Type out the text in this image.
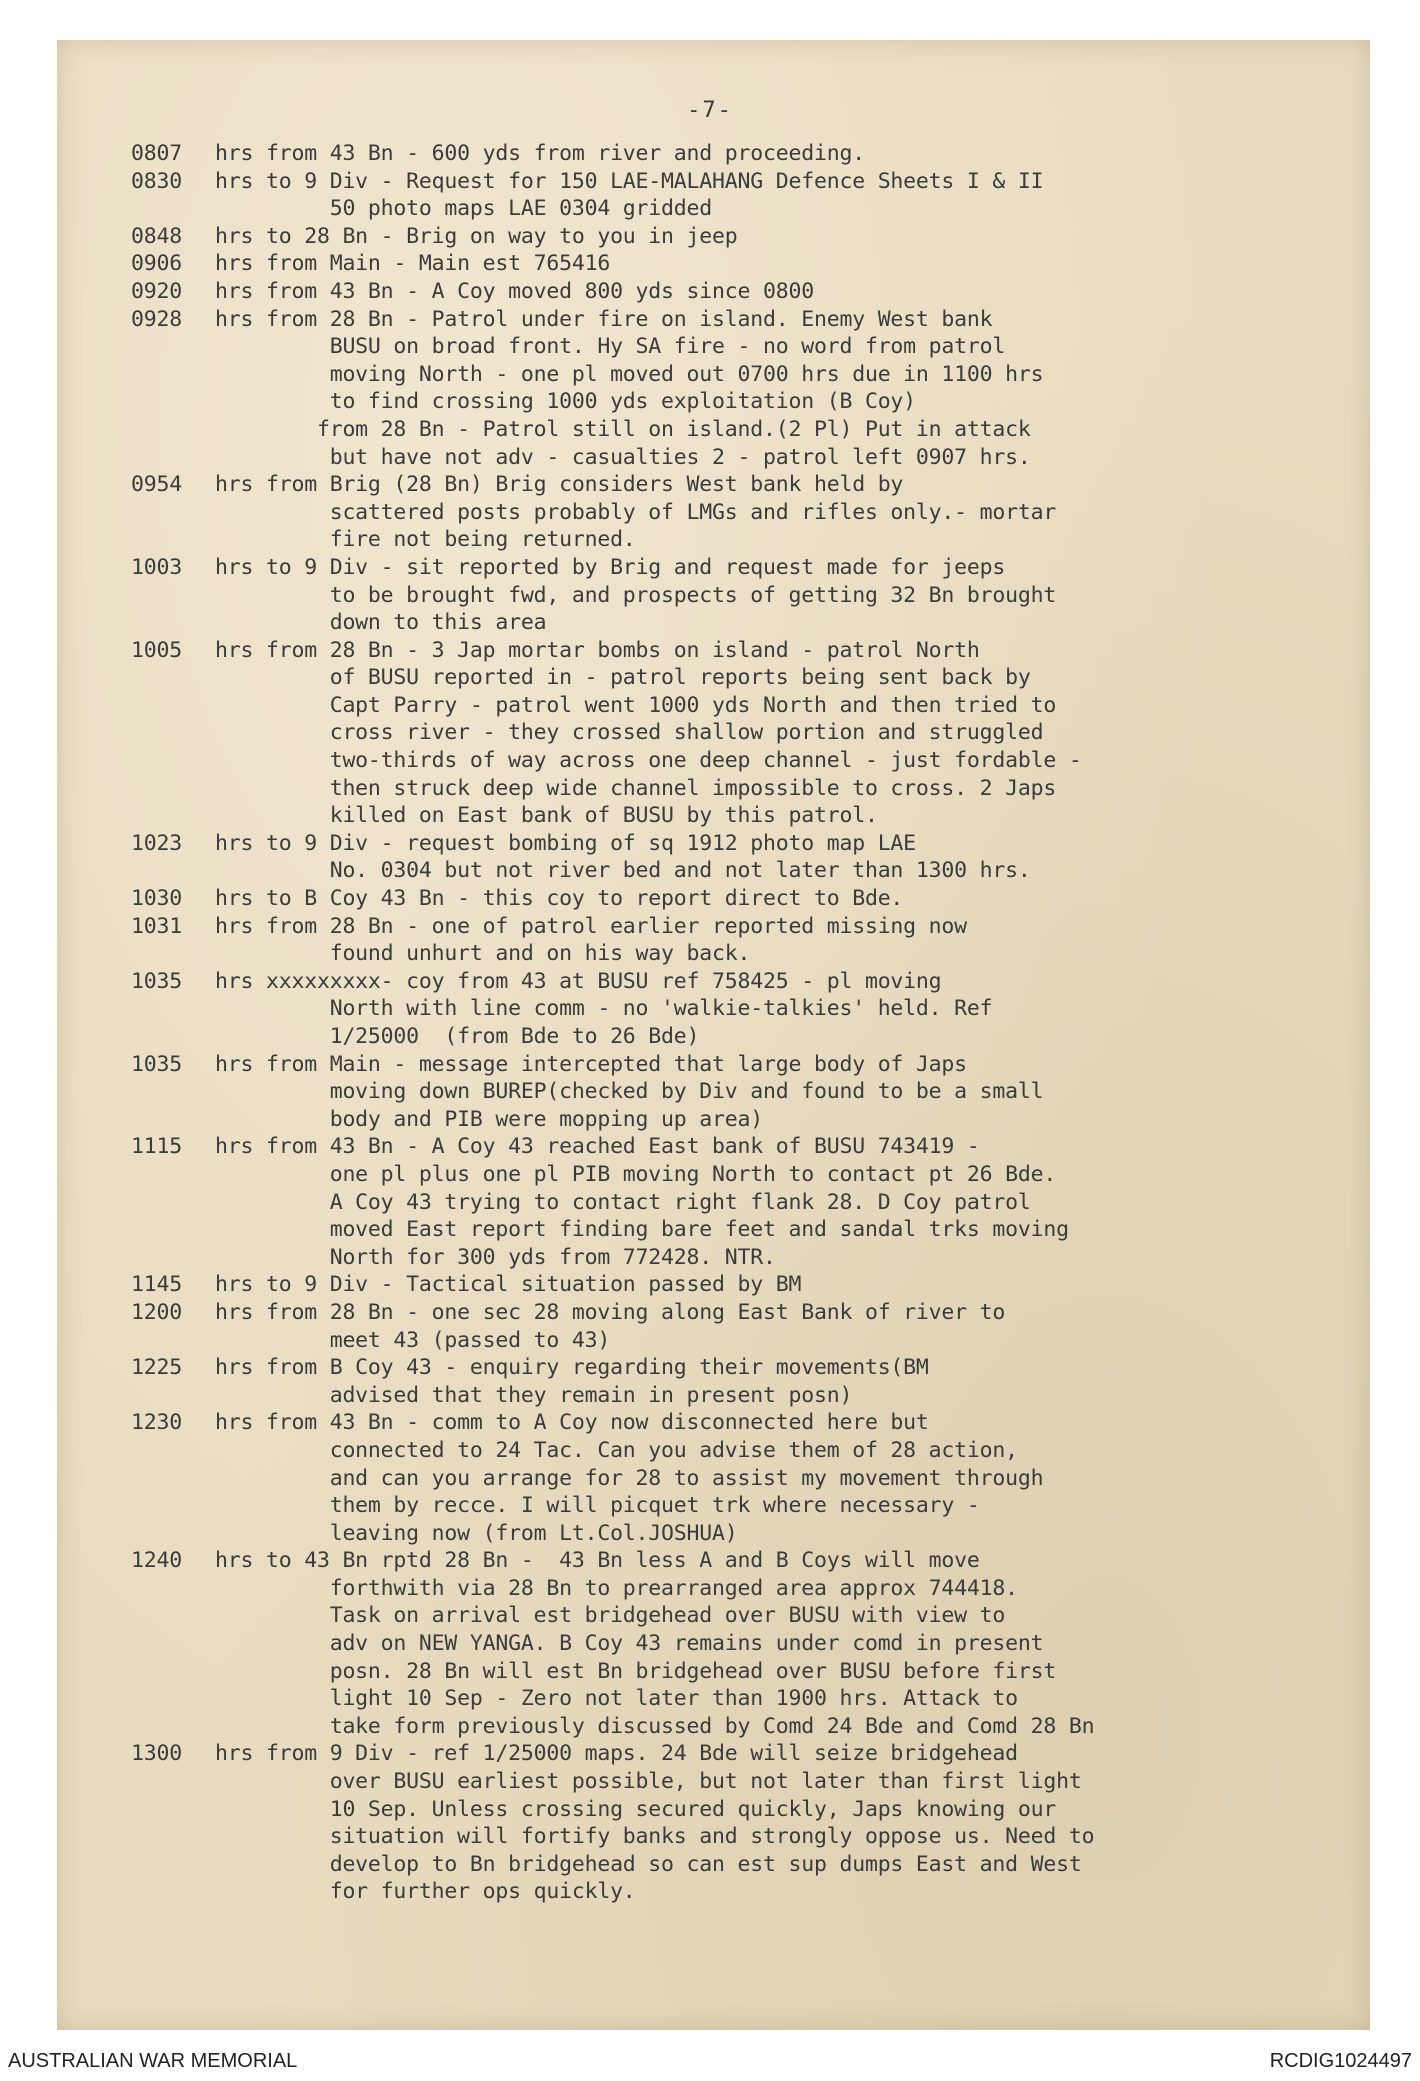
-7-
0807	hrs from 43 Bn - 600 yds from river and proceeding.
0830	hrs to 9 Div - Request for 150 LAE-MALAHANG Defence Sheets I & II
50 photo maps LAE 0304 gridded
0848	hrs to 28 Bn - Brig on way to you in jeep
0906	hrs from Main - Main est 765416
0920	hrs from 43 Bn - A Coy moved 800 yds since 0800
0928	hrs from 28 Bn - Patrol under fire on island. Enemy West bank
BUSU on broad front. Hy SA fire - no word from patrol
moving North - one pl moved out 0700 hrs due in 1100 hrs
to find crossing 1000 yds exploitation (B Coy)
from 28 Bn - Patrol still on island.(2 Pl) Put in attack
but have not adv - casualties 2 - patrol left 0907 hrs.
0954	hrs from Brig (28 Bn) Brig considers West bank held by
scattered posts probably of LMGs and rifles only.- mortar
fire not being returned.
1003	hrs to 9 Div - sit reported by Brig and request made for jeeps
to be brought fwd, and prospects of getting 32 Bn brought
down to this area
1005	hrs from 28 Bn - 3 Jap mortar bombs on island - patrol North
of BUSU reported in - patrol reports being sent back by
Capt Parry - patrol went 1000 yds North and then tried to
cross river - they crossed shallow portion and struggled
two-thirds of way across one deep channel - just fordable -
then struck deep wide channel impossible to cross. 2 Japs
killed on East bank of BUSU by this patrol.
1023	hrs to 9 Div - request bombing of sq 1912 photo map LAE
No. 0304 but not river bed and not later than 1300 hrs.
1030	hrs to B Coy 43 Bn - this coy to report direct to Bde.
1031	hrs from 28 Bn - one of patrol earlier reported missing now
found unhurt and on his way back.
1035	hrs xxxxxxxxx- coy from 43 at BUSU ref 758425 - pl moving
North with line comm - no 'walkie-talkies' held. Ref
1/25000  (from Bde to 26 Bde)
1035	hrs from Main - message intercepted that large body of Japs
moving down BUREP(checked by Div and found to be a small
body and PIB were mopping up area)
1115	hrs from 43 Bn - A Coy 43 reached East bank of BUSU 743419 -
one pl plus one pl PIB moving North to contact pt 26 Bde.
A Coy 43 trying to contact right flank 28. D Coy patrol
moved East report finding bare feet and sandal trks moving
North for 300 yds from 772428. NTR.
1145	hrs to 9 Div - Tactical situation passed by BM
1200	hrs from 28 Bn - one sec 28 moving along East Bank of river to
meet 43 (passed to 43)
1225	hrs from B Coy 43 - enquiry regarding their movements(BM
advised that they remain in present posn)
1230	hrs from 43 Bn - comm to A Coy now disconnected here but
connected to 24 Tac. Can you advise them of 28 action,
and can you arrange for 28 to assist my movement through
them by recce. I will picquet trk where necessary -
leaving now (from Lt.Col.JOSHUA)
1240	hrs to 43 Bn rptd 28 Bn -  43 Bn less A and B Coys will move
forthwith via 28 Bn to prearranged area approx 744418.
Task on arrival est bridgehead over BUSU with view to
adv on NEW YANGA. B Coy 43 remains under comd in present
posn. 28 Bn will est Bn bridgehead over BUSU before first
light 10 Sep - Zero not later than 1900 hrs. Attack to
take form previously discussed by Comd 24 Bde and Comd 28 Bn
1300	hrs from 9 Div - ref 1/25000 maps. 24 Bde will seize bridgehead
over BUSU earliest possible, but not later than first light
10 Sep. Unless crossing secured quickly, Japs knowing our
situation will fortify banks and strongly oppose us. Need to
develop to Bn bridgehead so can est sup dumps East and West
for further ops quickly.
AUSTRALIAN WAR MEMORIAL	RCDIG1024497
